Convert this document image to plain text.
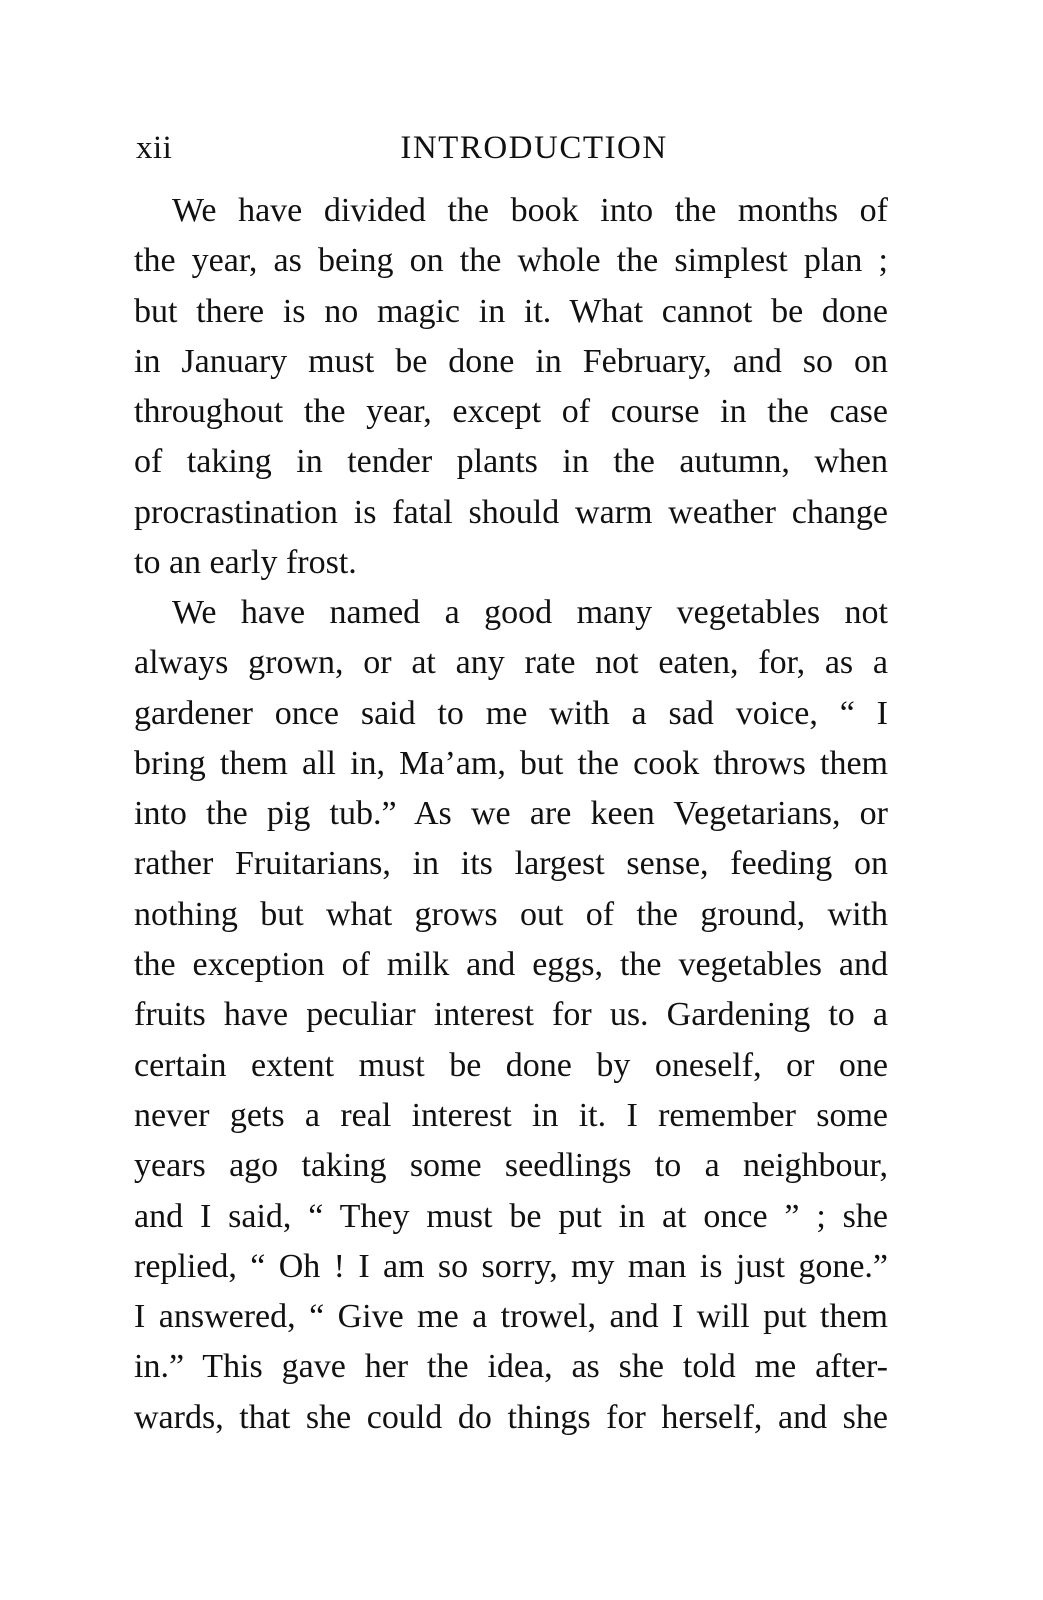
xii	INTRODUCTION
We have divided the book into the months of
the year, as being on the whole the simplest plan ;
but there is no magic in it. What cannot be done
in January must be done in February, and so on
throughout the year, except of course in the case
of taking in tender plants in the autumn, when
procrastination is fatal should warm weather change
to an early frost.
We have named a good many vegetables not
always grown, or at any rate not eaten, for, as a
gardener once said to me with a sad voice, “ I
bring them all in, Ma’am, but the cook throws them
into the pig tub.” As we are keen Vegetarians, or
rather Fruitarians, in its largest sense, feeding on
nothing but what grows out of the ground, with
the exception of milk and eggs, the vegetables and
fruits have peculiar interest for us. Gardening to a
certain extent must be done by oneself, or one
never gets a real interest in it. I remember some
years ago taking some seedlings to a neighbour,
and I said, “ They must be put in at once ” ; she
replied, “ Oh ! I am so sorry, my man is just gone.”
I answered, “ Give me a trowel, and I will put them
in.” This gave her the idea, as she told me after-
wards, that she could do things for herself, and she
